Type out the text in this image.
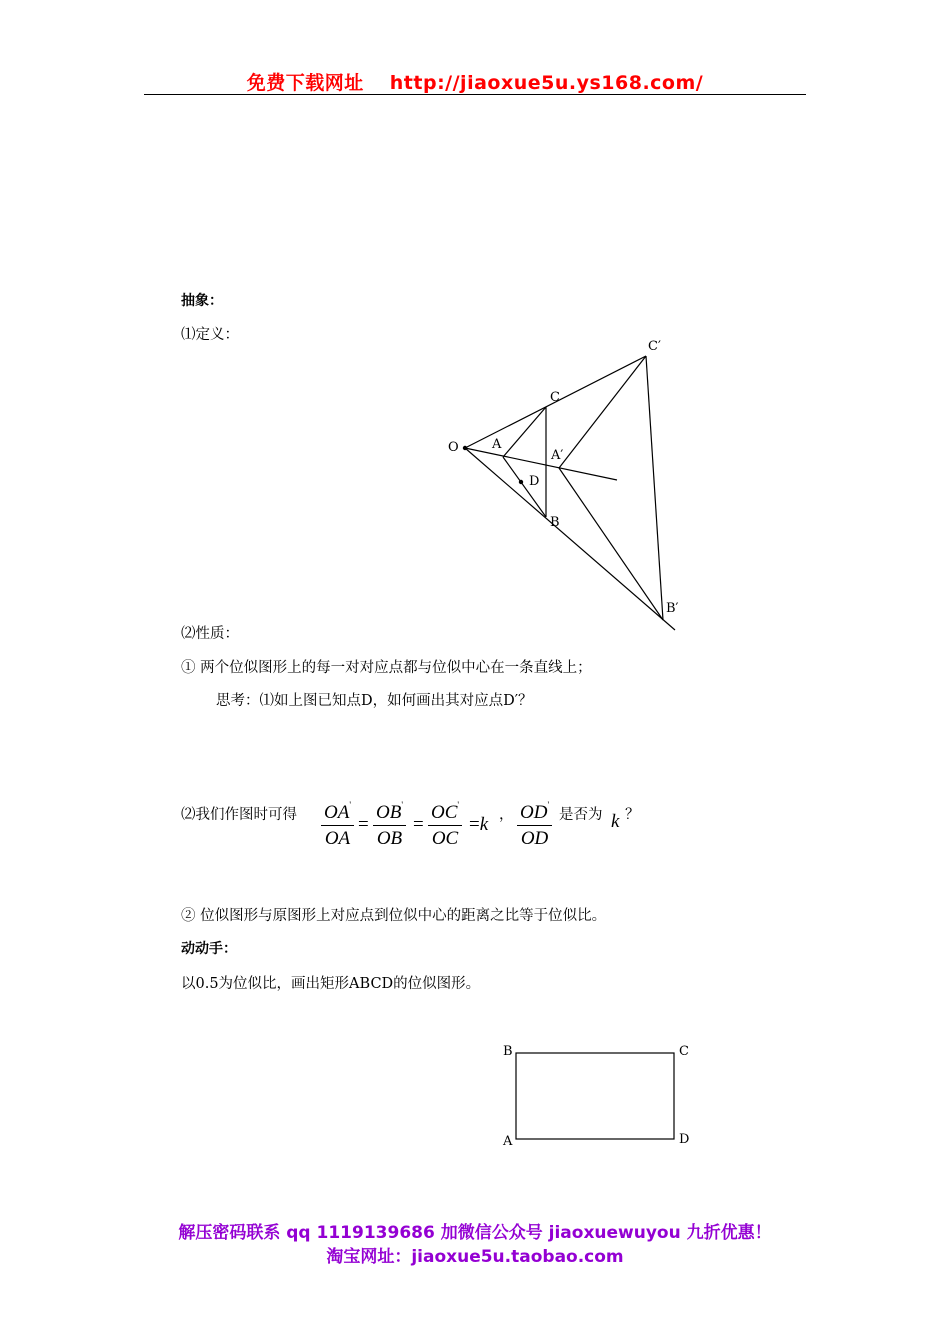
免费下载网址 http://jiaoxue5u.ys168.com/
抽象：
⑴定义：
O	A
C
D
B
A′
C′
B′
⑵性质：
① 两个位似图形上的每一对对应点都与位似中心在一条直线上；
思考：⑴如上图已知点D，如何画出其对应点D′？
⑵我们作图时可得 OA'
OA
=
OB'
OB
=
OC'
OC
=k ， OD'
OD
是否为 k ？
② 位似图形与原图形上对应点到位似中心的距离之比等于位似比。
动动手：
以0.5为位似比，画出矩形ABCD的位似图形。
B	C
A	D
解压密码联系 qq 1119139686 加微信公众号 jiaoxuewuyou 九折优惠！
淘宝网址：jiaoxue5u.taobao.com
